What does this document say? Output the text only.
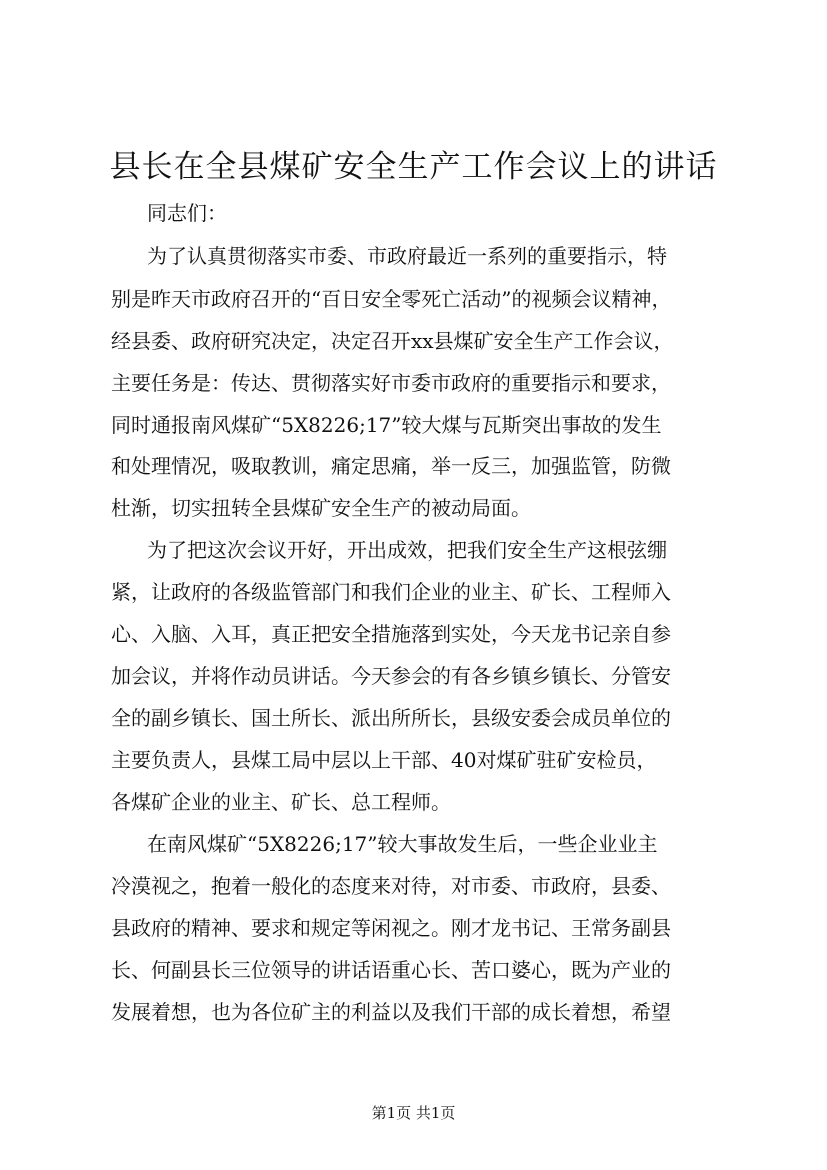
县长在全县煤矿安全生产工作会议上的讲话
同志们：
为了认真贯彻落实市委、市政府最近一系列的重要指示，特
别是昨天市政府召开的“百日安全零死亡活动”的视频会议精神，
经县委、政府研究决定，决定召开xx县煤矿安全生产工作会议，
主要任务是：传达、贯彻落实好市委市政府的重要指示和要求，
同时通报南风煤矿“5X8226;17”较大煤与瓦斯突出事故的发生
和处理情况，吸取教训，痛定思痛，举一反三，加强监管，防微
杜渐，切实扭转全县煤矿安全生产的被动局面。
为了把这次会议开好，开出成效，把我们安全生产这根弦绷
紧，让政府的各级监管部门和我们企业的业主、矿长、工程师入
心、入脑、入耳，真正把安全措施落到实处，今天龙书记亲自参
加会议，并将作动员讲话。今天参会的有各乡镇乡镇长、分管安
全的副乡镇长、国土所长、派出所所长，县级安委会成员单位的
主要负责人，县煤工局中层以上干部、40对煤矿驻矿安检员，
各煤矿企业的业主、矿长、总工程师。
在南风煤矿“5X8226;17”较大事故发生后，一些企业业主
冷漠视之，抱着一般化的态度来对待，对市委、市政府，县委、
县政府的精神、要求和规定等闲视之。刚才龙书记、王常务副县
长、何副县长三位领导的讲话语重心长、苦口婆心，既为产业的
发展着想，也为各位矿主的利益以及我们干部的成长着想，希望
第1页 共1页
